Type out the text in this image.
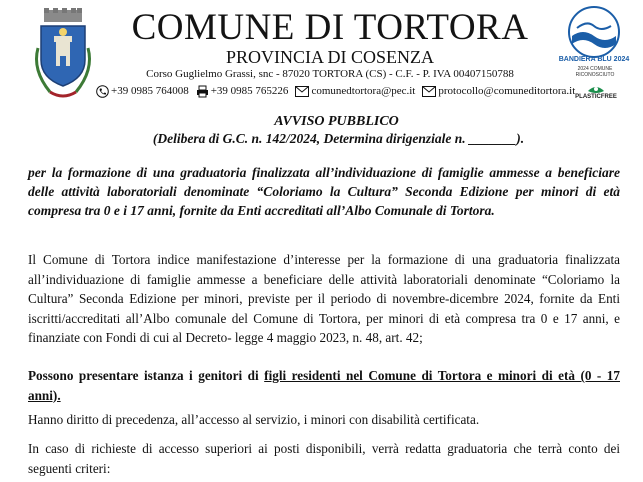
COMUNE DI TORTORA
PROVINCIA DI COSENZA
Corso Guglielmo Grassi, snc - 87020 TORTORA (CS) - C.F. - P. IVA 00407150788
+39 0985 764008 +39 0985 765226 comunedtortora@pec.it protocollo@comuneditortora.it
BANDIERA BLU 2024
2024 COMUNE RICONOSCIUTO
PLASTICFREE
AVVISO PUBBLICO
(Delibera di G.C. n. 142/2024, Determina dirigenziale n. _______).
per la formazione di una graduatoria finalizzata all’individuazione di famiglie ammesse a beneficiare
delle attività laboratoriali denominate “Coloriamo la Cultura” Seconda Edizione per minori di età
compresa tra 0 e i 17 anni, fornite da Enti accreditati all’Albo Comunale di Tortora.
Il Comune di Tortora indice manifestazione d’interesse per la formazione di una graduatoria finalizzata
all’individuazione di famiglie ammesse a beneficiare delle attività laboratoriali denominate “Coloriamo la
Cultura” Seconda Edizione per minori, previste per il periodo di novembre-dicembre 2024, fornite da Enti
iscritti/accreditati all’Albo comunale del Comune di Tortora, per minori di età compresa tra 0 e 17 anni, e
finanziate con Fondi di cui al Decreto- legge 4 maggio 2023, n. 48, art. 42;
Possono presentare istanza i genitori di figli residenti nel Comune di Tortora e minori di età (0 - 17
anni).
Hanno diritto di precedenza, all’accesso al servizio, i minori con disabilità certificata.
In caso di richieste di accesso superiori ai posti disponibili, verrà redatta graduatoria che terrà conto dei
seguenti criteri:
